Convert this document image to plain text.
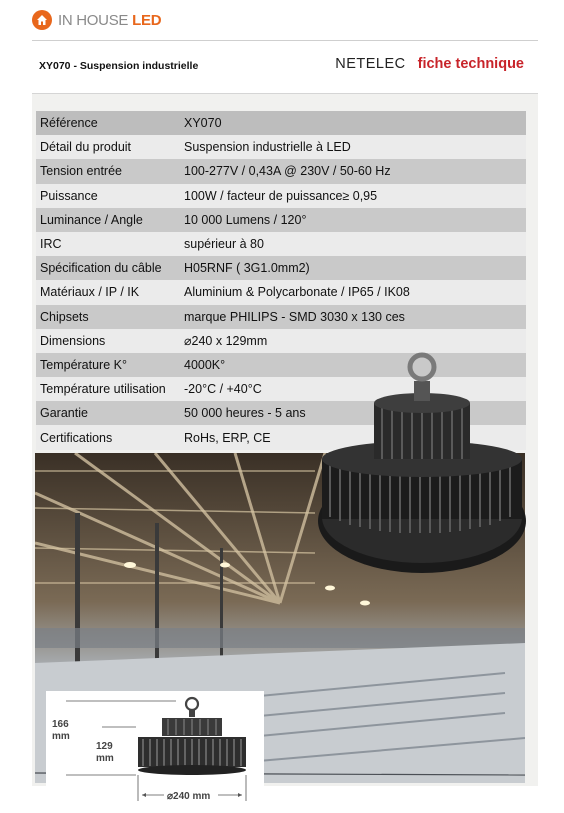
IN HOUSE LED
XY070 - Suspension industrielle	NETELEC fiche technique
Référence	XY070
Détail du produit	Suspension industrielle à LED
Tension entrée	100-277V / 0,43A @ 230V / 50-60 Hz
Puissance	100W / facteur de puissance≥ 0,95
Luminance / Angle	10 000 Lumens / 120°
IRC	supérieur à 80
Spécification du câble	H05RNF ( 3G1.0mm2)
Matériaux / IP / IK	Aluminium & Polycarbonate / IP65 / IK08
Chipsets	marque PHILIPS - SMD 3030 x 130 ces
Dimensions	⌀240 x 129mm
Température K°	4000K°
Température utilisation	-20°C / +40°C
Garantie	50 000 heures - 5 ans
Certifications	RoHs, ERP, CE
166
mm
129
mm
⌀240 mm
